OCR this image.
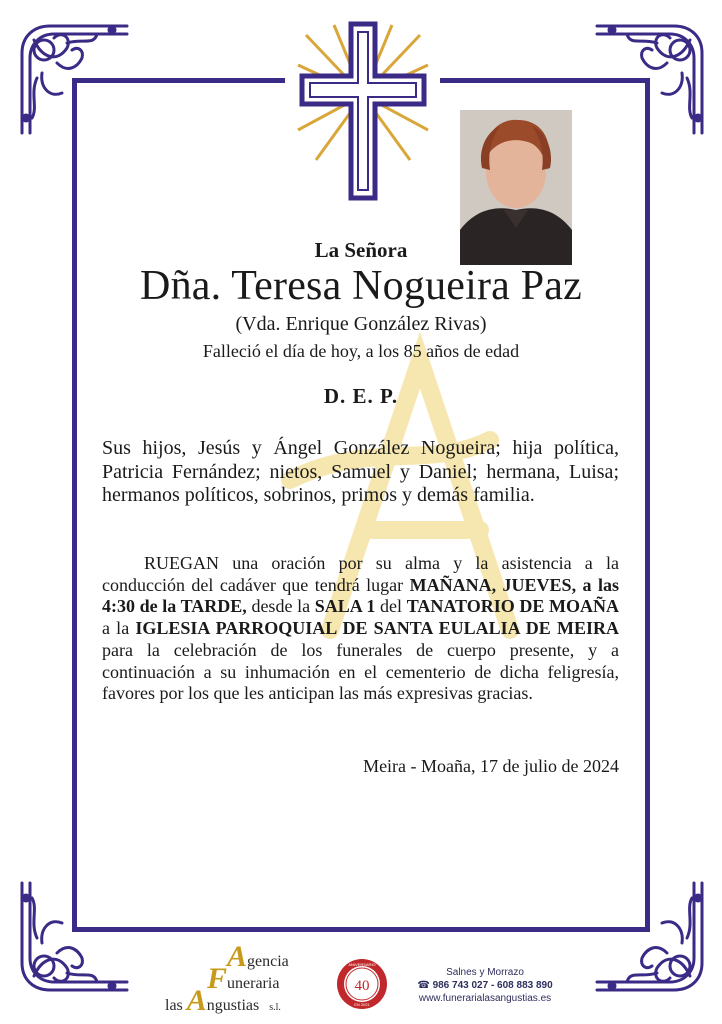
La Señora
Dña. Teresa Nogueira Paz
(Vda. Enrique González Rivas)
Falleció el día de hoy, a los 85 años de edad
D. E. P.
Sus hijos, Jesús y Ángel González Nogueira; hija política, Patricia Fernández; nietos, Samuel y Daniel; hermana, Luisa; hermanos políticos, sobrinos, primos y demás familia.
RUEGAN una oración por su alma y la asistencia a la conducción del cadáver que tendrá lugar MAÑANA, JUEVES, a las 4:30 de la TARDE, desde la SALA 1 del TANATORIO DE MOAÑA a la IGLESIA PARROQUIAL DE SANTA EULALIA DE MEIRA para la celebración de los funerales de cuerpo presente, y a continuación a su inhumación en el cementerio de dicha feligresía, favores por los que les anticipan las más expresivas gracias.
Meira - Moaña, 17 de julio de 2024
Agencia
Funeraria
las Angustias s.l.
ANIVERSARIO
40
EN 2021
Salnes y Morrazo
☎ 986 743 027 - 608 883 890
www.funerarialasangustias.es
